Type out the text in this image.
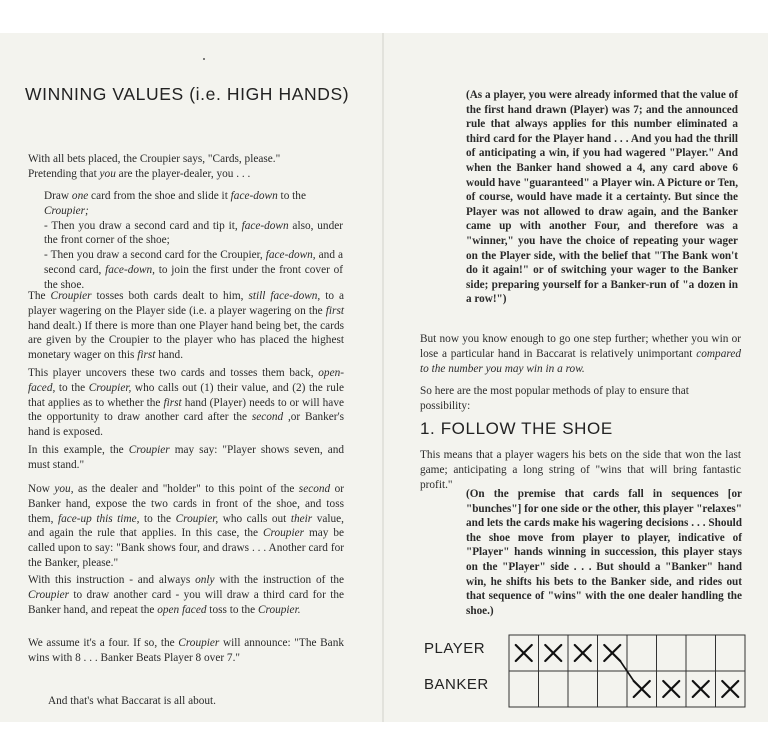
WINNING VALUES (i.e. HIGH HANDS)
With all bets placed, the Croupier says, "Cards, please."
Pretending that you are the player-dealer, you . . .

Draw one card from the shoe and slide it face-down to the
Croupier;

- Then you draw a second card and tip it, face-down also, under the front corner of the shoe;

- Then you draw a second card for the Croupier, face-down, and a second card, face-down, to join the first under the front cover of the shoe.

The Croupier tosses both cards dealt to him, still face-down, to a player wagering on the Player side (i.e. a player wagering on the first hand dealt.) If there is more than one Player hand being bet, the cards are given by the Croupier to the player who has placed the highest monetary wager on this first hand.
This player uncovers these two cards and tosses them back, open-faced, to the Croupier, who calls out (1) their value, and (2) the rule that applies as to whether the first hand (Player) needs to or will have the opportunity to draw another card after the second ,or Banker's hand is exposed.
In this example, the Croupier may say: "Player shows seven, and must stand."
Now you, as the dealer and "holder" to this point of the second or Banker hand, expose the two cards in front of the shoe, and toss them, face-up this time, to the Croupier, who calls out their value, and again the rule that applies. In this case, the Croupier may be called upon to say: "Bank shows four, and draws . . . Another card for the Banker, please."
With this instruction - and always only with the instruction of the Croupier to draw another card - you will draw a third card for the Banker hand, and repeat the open faced toss to the Croupier.
We assume it's a four. If so, the Croupier will announce: "The Bank wins with 8 . . . Banker Beats Player 8 over 7."
And that's what Baccarat is all about.
(As a player, you were already informed that the value of the first hand drawn (Player) was 7; and the announced rule that always applies for this number eliminated a third card for the Player hand . . . And you had the thrill of anticipating a win, if you had wagered "Player." And when the Banker hand showed a 4, any card above 6 would have "guaranteed" a Player win. A Picture or Ten, of course, would have made it a certainty. But since the Player was not allowed to draw again, and the Banker came up with another Four, and therefore was a "winner," you have the choice of repeating your wager on the Player side, with the belief that "The Bank won't do it again!" or of switching your wager to the Banker side; preparing yourself for a Banker-run of "a dozen in a row!")
But now you know enough to go one step further; whether you win or lose a particular hand in Baccarat is relatively unimportant compared to the number you may win in a row.
So here are the most popular methods of play to ensure that possibility:
1. FOLLOW THE SHOE
This means that a player wagers his bets on the side that won the last game; anticipating a long string of "wins that will bring fantastic profit."
(On the premise that cards fall in sequences [or "bunches"] for one side or the other, this player "relaxes" and lets the cards make his wagering decisions . . . Should the shoe move from player to player, indicative of "Player" hands winning in succession, this player stays on the "Player" side . . . But should a "Banker" hand win, he shifts his bets to the Banker side, and rides out that sequence of "wins" with the one dealer handling the shoe.)
PLAYER
BANKER
